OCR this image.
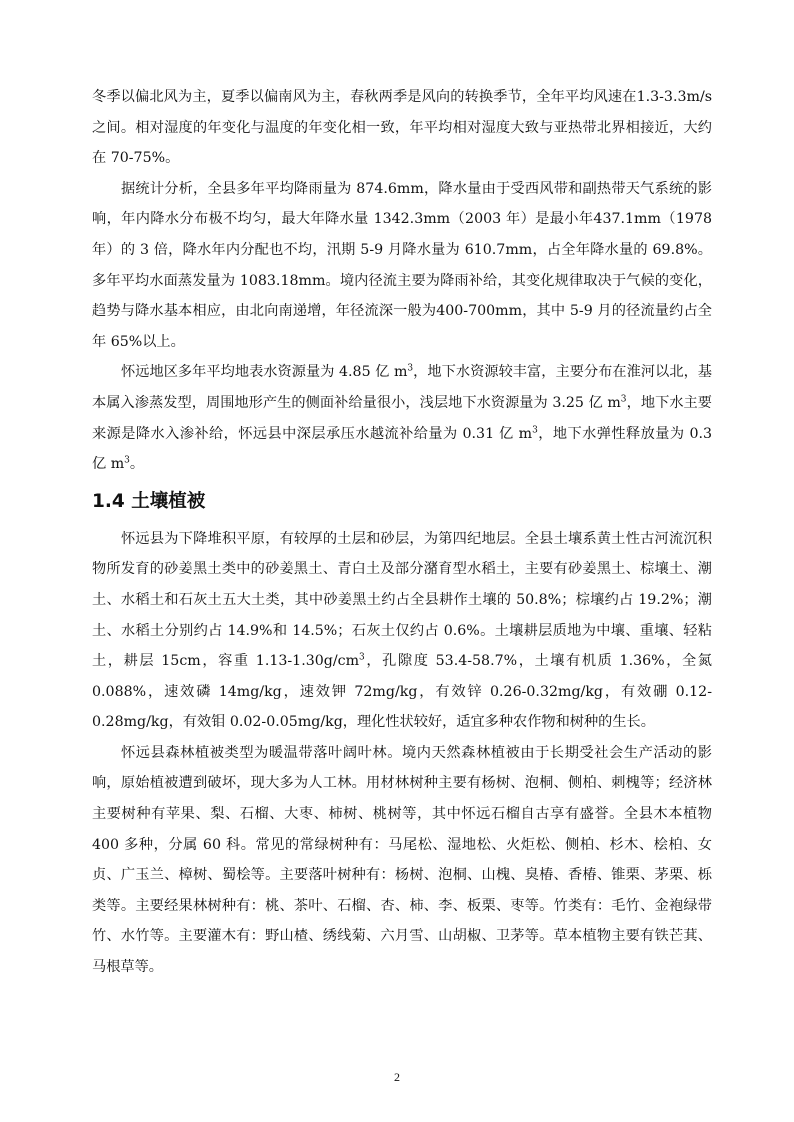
冬季以偏北风为主，夏季以偏南风为主，春秋两季是风向的转换季节，全年平均风速在1.3-3.3m/s 之间。相对湿度的年变化与温度的年变化相一致，年平均相对湿度大致与亚热带北界相接近，大约在 70-75%。

据统计分析，全县多年平均降雨量为 874.6mm，降水量由于受西风带和副热带天气系统的影响，年内降水分布极不均匀，最大年降水量 1342.3mm（2003 年）是最小年437.1mm（1978 年）的 3 倍，降水年内分配也不均，汛期 5-9 月降水量为 610.7mm，占全年降水量的 69.8%。多年平均水面蒸发量为 1083.18mm。境内径流主要为降雨补给，其变化规律取决于气候的变化，趋势与降水基本相应，由北向南递增，年径流深一般为400-700mm，其中 5-9 月的径流量约占全年 65%以上。

怀远地区多年平均地表水资源量为 4.85 亿 $m^3$，地下水资源较丰富，主要分布在淮河以北，基本属入渗蒸发型，周围地形产生的侧面补给量很小，浅层地下水资源量为 3.25 亿 $m^3$，地下水主要来源是降水入渗补给，怀远县中深层承压水越流补给量为 0.31 亿 $m^3$，地下水弹性释放量为 0.3 亿 $m^3$。

1.4 土壤植被

怀远县为下降堆积平原，有较厚的土层和砂层，为第四纪地层。全县土壤系黄土性古河流沉积物所发育的砂姜黑土类中的砂姜黑土、青白土及部分潴育型水稻土，主要有砂姜黑土、棕壤土、潮土、水稻土和石灰土五大土类，其中砂姜黑土约占全县耕作土壤的 50.8%；棕壤约占 19.2%；潮土、水稻土分别约占 14.9%和 14.5%；石灰土仅约占 0.6%。土壤耕层质地为中壤、重壤、轻粘土，耕层 15cm，容重 $1.13-1.30g/cm^3$，孔隙度 53.4-58.7%，土壤有机质 1.36%，全氮 0.088%，速效磷 14mg/kg，速效钾 72mg/kg，有效锌 0.26-0.32mg/kg，有效硼 0.12-0.28mg/kg，有效钼 0.02-0.05mg/kg，理化性状较好，适宜多种农作物和树种的生长。

怀远县森林植被类型为暖温带落叶阔叶林。境内天然森林植被由于长期受社会生产活动的影响，原始植被遭到破坏，现大多为人工林。用材林树种主要有杨树、泡桐、侧柏、刺槐等；经济林主要树种有苹果、梨、石榴、大枣、柿树、桃树等，其中怀远石榴自古享有盛誉。全县木本植物 400 多种，分属 60 科。常见的常绿树种有：马尾松、湿地松、火炬松、侧柏、杉木、桧柏、女贞、广玉兰、樟树、蜀桧等。主要落叶树种有：杨树、泡桐、山槐、臭椿、香椿、锥栗、茅栗、栎类等。主要经果林树种有：桃、茶叶、石榴、杏、柿、李、板栗、枣等。竹类有：毛竹、金袍绿带竹、水竹等。主要灌木有：野山楂、绣线菊、六月雪、山胡椒、卫茅等。草本植物主要有铁芒萁、马根草等。

2
